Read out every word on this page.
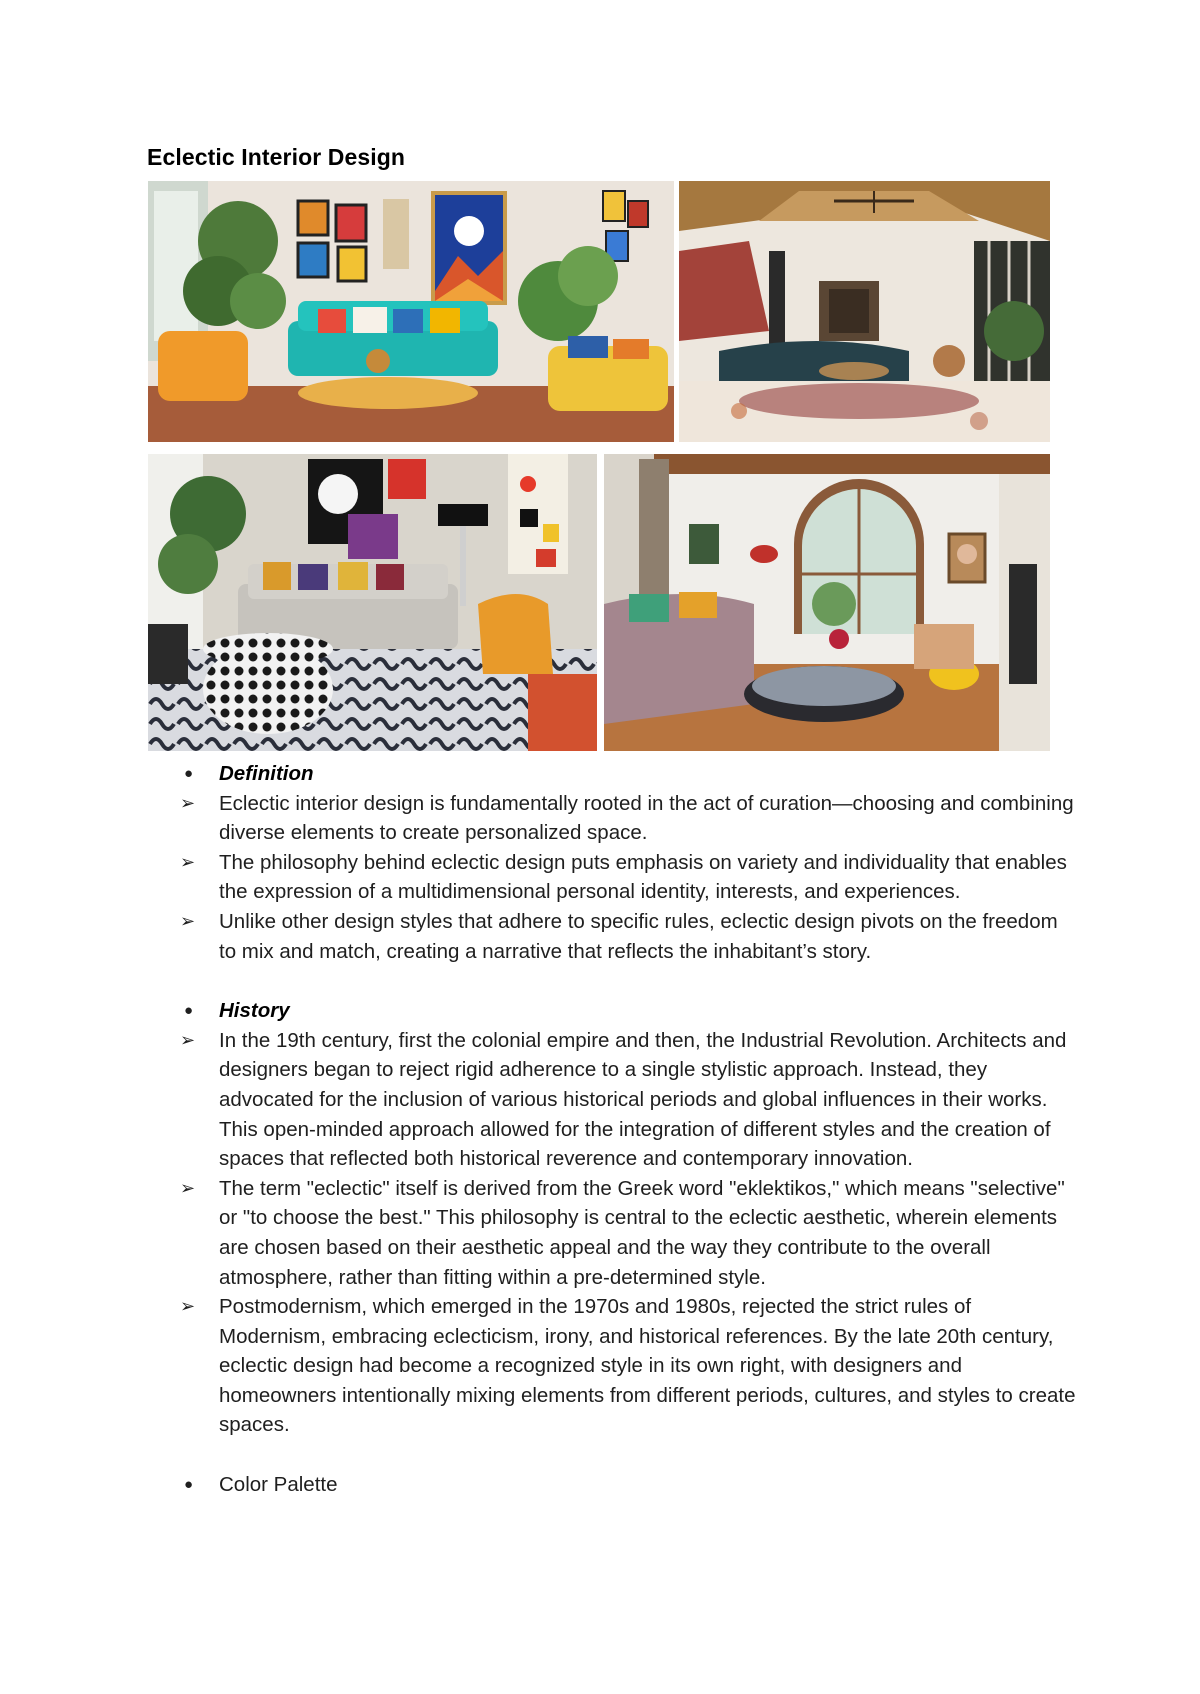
Eclectic Interior Design
● Definition
➢ Eclectic interior design is fundamentally rooted in the act of curation—choosing and combining diverse elements to create personalized space.
➢ The philosophy behind eclectic design puts emphasis on variety and individuality that enables the expression of a multidimensional personal identity, interests, and experiences.
➢ Unlike other design styles that adhere to specific rules, eclectic design pivots on the freedom to mix and match, creating a narrative that reflects the inhabitant’s story.
● History
➢ In the 19th century, first the colonial empire and then, the Industrial Revolution. Architects and designers began to reject rigid adherence to a single stylistic approach. Instead, they advocated for the inclusion of various historical periods and global influences in their works. This open-minded approach allowed for the integration of different styles and the creation of spaces that reflected both historical reverence and contemporary innovation.
➢ The term "eclectic" itself is derived from the Greek word "eklektikos," which means "selective" or "to choose the best." This philosophy is central to the eclectic aesthetic, wherein elements are chosen based on their aesthetic appeal and the way they contribute to the overall atmosphere, rather than fitting within a pre-determined style.
➢ Postmodernism, which emerged in the 1970s and 1980s, rejected the strict rules of Modernism, embracing eclecticism, irony, and historical references. By the late 20th century, eclectic design had become a recognized style in its own right, with designers and homeowners intentionally mixing elements from different periods, cultures, and styles to create spaces.
● Color Palette
